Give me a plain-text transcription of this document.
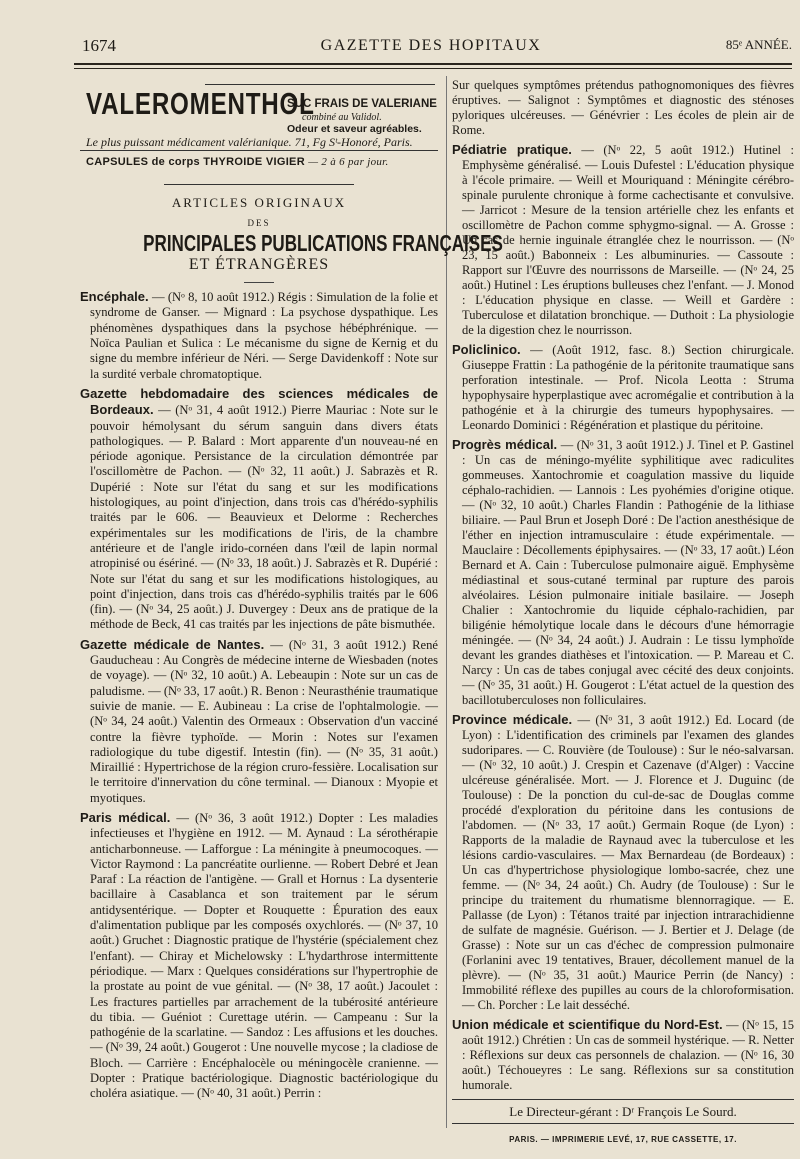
1674	GAZETTE DES HOPITAUX	85ᵉ ANNÉE.
VALEROMENTHOL
SUC FRAIS DE VALERIANE
combiné au Validol.
Odeur et saveur agréables.
Le plus puissant médicament valérianique. 71, Fg Sᵗ-Honoré, Paris.
CAPSULES de corps THYROIDE VIGIER — 2 à 6 par jour.
ARTICLES ORIGINAUX
DES
PRINCIPALES PUBLICATIONS FRANÇAISES
ET ÉTRANGÈRES

Encéphale. — (Nᵒ 8, 10 août 1912.) Régis : Simulation de la folie et syndrome de Ganser. — Mignard : La psychose dyspathique. Les phénomènes dyspathiques dans la psychose hébéphrénique. — Noïca Paulian et Sulica : Le mécanisme du signe de Kernig et du signe du membre inférieur de Néri. — Serge Davidenkoff : Note sur la surdité verbale chromatoptique.

Gazette hebdomadaire des sciences médicales de Bordeaux. — (Nᵒ 31, 4 août 1912.) Pierre Mauriac : Note sur le pouvoir hémolysant du sérum sanguin dans divers états pathologiques. — P. Balard : Mort apparente d'un nouveau-né en période agonique. Persistance de la circulation démontrée par l'oscillomètre de Pachon. — (Nᵒ 32, 11 août.) J. Sabrazès et R. Dupérié : Note sur l'état du sang et sur les modifications histologiques, au point d'injection, dans trois cas d'hérédo-syphilis traités par le 606. — Beauvieux et Delorme : Recherches expérimentales sur les modifications de l'iris, de la chambre antérieure et de l'angle irido-cornéen dans l'œil de lapin normal atropinisé ou ésériné. — (Nᵒ 33, 18 août.) J. Sabrazès et R. Dupérié : Note sur l'état du sang et sur les modifications histologiques, au point d'injection, dans trois cas d'hérédo-syphilis traités par le 606 (fin). — (Nᵒ 34, 25 août.) J. Duvergey : Deux ans de pratique de la méthode de Beck, 41 cas traités par les injections de pâte bismuthée.

Gazette médicale de Nantes. — (Nᵒ 31, 3 août 1912.) René Gauducheau : Au Congrès de médecine interne de Wiesbaden (notes de voyage). — (Nᵒ 32, 10 août.) A. Lebeaupin : Note sur un cas de paludisme. — (Nᵒ 33, 17 août.) R. Benon : Neurasthénie traumatique suivie de manie. — E. Aubineau : La crise de l'ophtalmologie. — (Nᵒ 34, 24 août.) Valentin des Ormeaux : Observation d'un vacciné contre la fièvre typhoïde. — Morin : Notes sur l'examen radiologique du tube digestif. Intestin (fin). — (Nᵒ 35, 31 août.) Miraillié : Hypertrichose de la région cruro-fessière. Localisation sur le territoire d'innervation du cône terminal. — Dianoux : Myopie et myotiques.

Paris médical. — (Nᵒ 36, 3 août 1912.) Dopter : Les maladies infectieuses et l'hygiène en 1912. — M. Aynaud : La sérothérapie anticharbonneuse. — Lafforgue : La méningite à pneumocoques. — Victor Raymond : La pancréatite ourlienne. — Robert Debré et Jean Paraf : La réaction de l'antigène. — Grall et Hornus : La dysenterie bacillaire à Casablanca et son traitement par le sérum antidysentérique. — Dopter et Rouquette : Épuration des eaux d'alimentation publique par les composés oxychlorés. — (Nᵒ 37, 10 août.) Gruchet : Diagnostic pratique de l'hystérie (spécialement chez l'enfant). — Chiray et Michelowsky : L'hydarthrose intermittente périodique. — Marx : Quelques considérations sur l'hypertrophie de la prostate au point de vue génital. — (Nᵒ 38, 17 août.) Jacoulet : Les fractures partielles par arrachement de la tubérosité antérieure du tibia. — Guéniot : Curettage utérin. — Campeanu : Sur la pathogénie de la scarlatine. — Sandoz : Les affusions et les douches. — (Nᵒ 39, 24 août.) Gougerot : Une nouvelle mycose ; la cladiose de Bloch. — Carrière : Encéphalocèle ou méningocèle cranienne. — Dopter : Pratique bactériologique. Diagnostic bactériologique du choléra asiatique. — (Nᵒ 40, 31 août.) Perrin :

Sur quelques symptômes prétendus pathognomoniques des fièvres éruptives. — Salignot : Symptômes et diagnostic des sténoses pyloriques ulcéreuses. — Génévrier : Les écoles de plein air de Rome.

Pédiatrie pratique. — (Nᵒ 22, 5 août 1912.) Hutinel : Emphysème généralisé. — Louis Dufestel : L'éducation physique à l'école primaire. — Weill et Mouriquand : Méningite cérébro-spinale purulente chronique à forme cachectisante et convulsive. — Jarricot : Mesure de la tension artérielle chez les enfants et oscillomètre de Pachon comme sphygmo-signal. — A. Grosse : Un cas de hernie inguinale étranglée chez le nourrisson. — (Nᵒ 23, 15 août.) Babonneix : Les albuminuries. — Cassoute : Rapport sur l'Œuvre des nourrissons de Marseille. — (Nᵒ 24, 25 août.) Hutinel : Les éruptions bulleuses chez l'enfant. — J. Monod : L'éducation physique en classe. — Weill et Gardère : Tuberculose et dilatation bronchique. — Duthoit : La physiologie de la digestion chez le nourrisson.

Policlinico. — (Août 1912, fasc. 8.) Section chirurgicale. Giuseppe Frattin : La pathogénie de la péritonite traumatique sans perforation intestinale. — Prof. Nicola Leotta : Struma hypophysaire hyperplastique avec acromégalie et contribution à la pathogénie et à la chirurgie des tumeurs hypophysaires. — Leonardo Dominici : Régénération et plastique du péritoine.

Progrès médical. — (Nᵒ 31, 3 août 1912.) J. Tinel et P. Gastinel : Un cas de méningo-myélite syphilitique avec radiculites gommeuses. Xantochromie et coagulation massive du liquide céphalo-rachidien. — Lannois : Les pyohémies d'origine otique. — (Nᵒ 32, 10 août.) Charles Flandin : Pathogénie de la lithiase biliaire. — Paul Brun et Joseph Doré : De l'action anesthésique de l'éther en injection intramusculaire : étude expérimentale. — Mauclaire : Décollements épiphysaires. — (Nᵒ 33, 17 août.) Léon Bernard et A. Cain : Tuberculose pulmonaire aiguë. Emphysème médiastinal et sous-cutané terminal par rupture des parois alvéolaires. Lésion pulmonaire initiale basilaire. — Joseph Chalier : Xantochromie du liquide céphalo-rachidien, par biligénie hémolytique locale dans le décours d'une hémorragie méningée. — (Nᵒ 34, 24 août.) J. Audrain : Le tissu lymphoïde devant les grandes diathèses et l'intoxication. — P. Mareau et C. Narcy : Un cas de tabes conjugal avec cécité des deux conjoints. — (Nᵒ 35, 31 août.) H. Gougerot : L'état actuel de la question des bacillotuberculoses non folliculaires.

Province médicale. — (Nᵒ 31, 3 août 1912.) Ed. Locard (de Lyon) : L'identification des criminels par l'examen des glandes sudoripares. — C. Rouvière (de Toulouse) : Sur le néo-salvarsan. — (Nᵒ 32, 10 août.) J. Crespin et Cazenave (d'Alger) : Vaccine ulcéreuse généralisée. Mort. — J. Florence et J. Duguinc (de Toulouse) : De la ponction du cul-de-sac de Douglas comme procédé d'exploration du péritoine dans les contusions de l'abdomen. — (Nᵒ 33, 17 août.) Germain Roque (de Lyon) : Rapports de la maladie de Raynaud avec la tuberculose et les lésions cardio-vasculaires. — Max Bernardeau (de Bordeaux) : Un cas d'hypertrichose physiologique lombo-sacrée, chez une femme. — (Nᵒ 34, 24 août.) Ch. Audry (de Toulouse) : Sur le principe du traitement du rhumatisme blennorragique. — E. Pallasse (de Lyon) : Tétanos traité par injection intrarachidienne de sulfate de magnésie. Guérison. — J. Bertier et J. Delage (de Grasse) : Note sur un cas d'échec de compression pulmonaire (Forlanini avec 19 tentatives, Brauer, décollement manuel de la plèvre). — (Nᵒ 35, 31 août.) Maurice Perrin (de Nancy) : Immobilité réflexe des pupilles au cours de la chloroformisation. — Ch. Porcher : Le lait desséché.

Union médicale et scientifique du Nord-Est. — (Nᵒ 15, 15 août 1912.) Chrétien : Un cas de sommeil hystérique. — R. Netter : Réflexions sur deux cas personnels de chalazion. — (Nᵒ 16, 30 août.) Téchoueyres : Le sang. Réflexions sur sa constitution humorale.

Le Directeur-gérant : Dʳ François Le Sourd.
PARIS. — IMPRIMERIE LEVÉ, 17, RUE CASSETTE, 17.
